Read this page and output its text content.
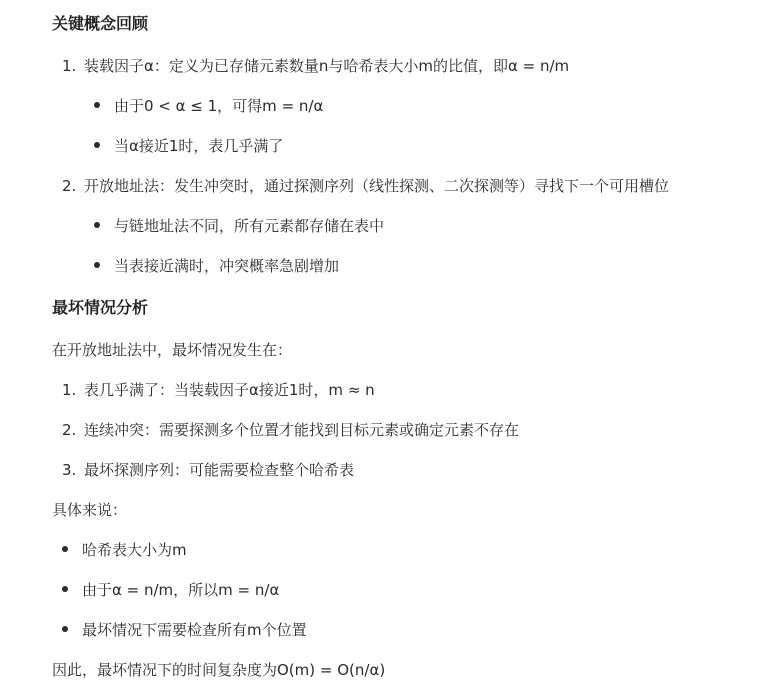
关键概念回顾
1. 装载因子α：定义为已存储元素数量n与哈希表大小m的比值，即α = n/m
由于0 < α ≤ 1，可得m = n/α
当α接近1时，表几乎满了
2. 开放地址法：发生冲突时，通过探测序列（线性探测、二次探测等）寻找下一个可用槽位
与链地址法不同，所有元素都存储在表中
当表接近满时，冲突概率急剧增加
最坏情况分析
在开放地址法中，最坏情况发生在：
1. 表几乎满了：当装载因子α接近1时，m ≈ n
2. 连续冲突：需要探测多个位置才能找到目标元素或确定元素不存在
3. 最坏探测序列：可能需要检查整个哈希表
具体来说：
哈希表大小为m
由于α = n/m，所以m = n/α
最坏情况下需要检查所有m个位置
因此，最坏情况下的时间复杂度为O(m) = O(n/α)
